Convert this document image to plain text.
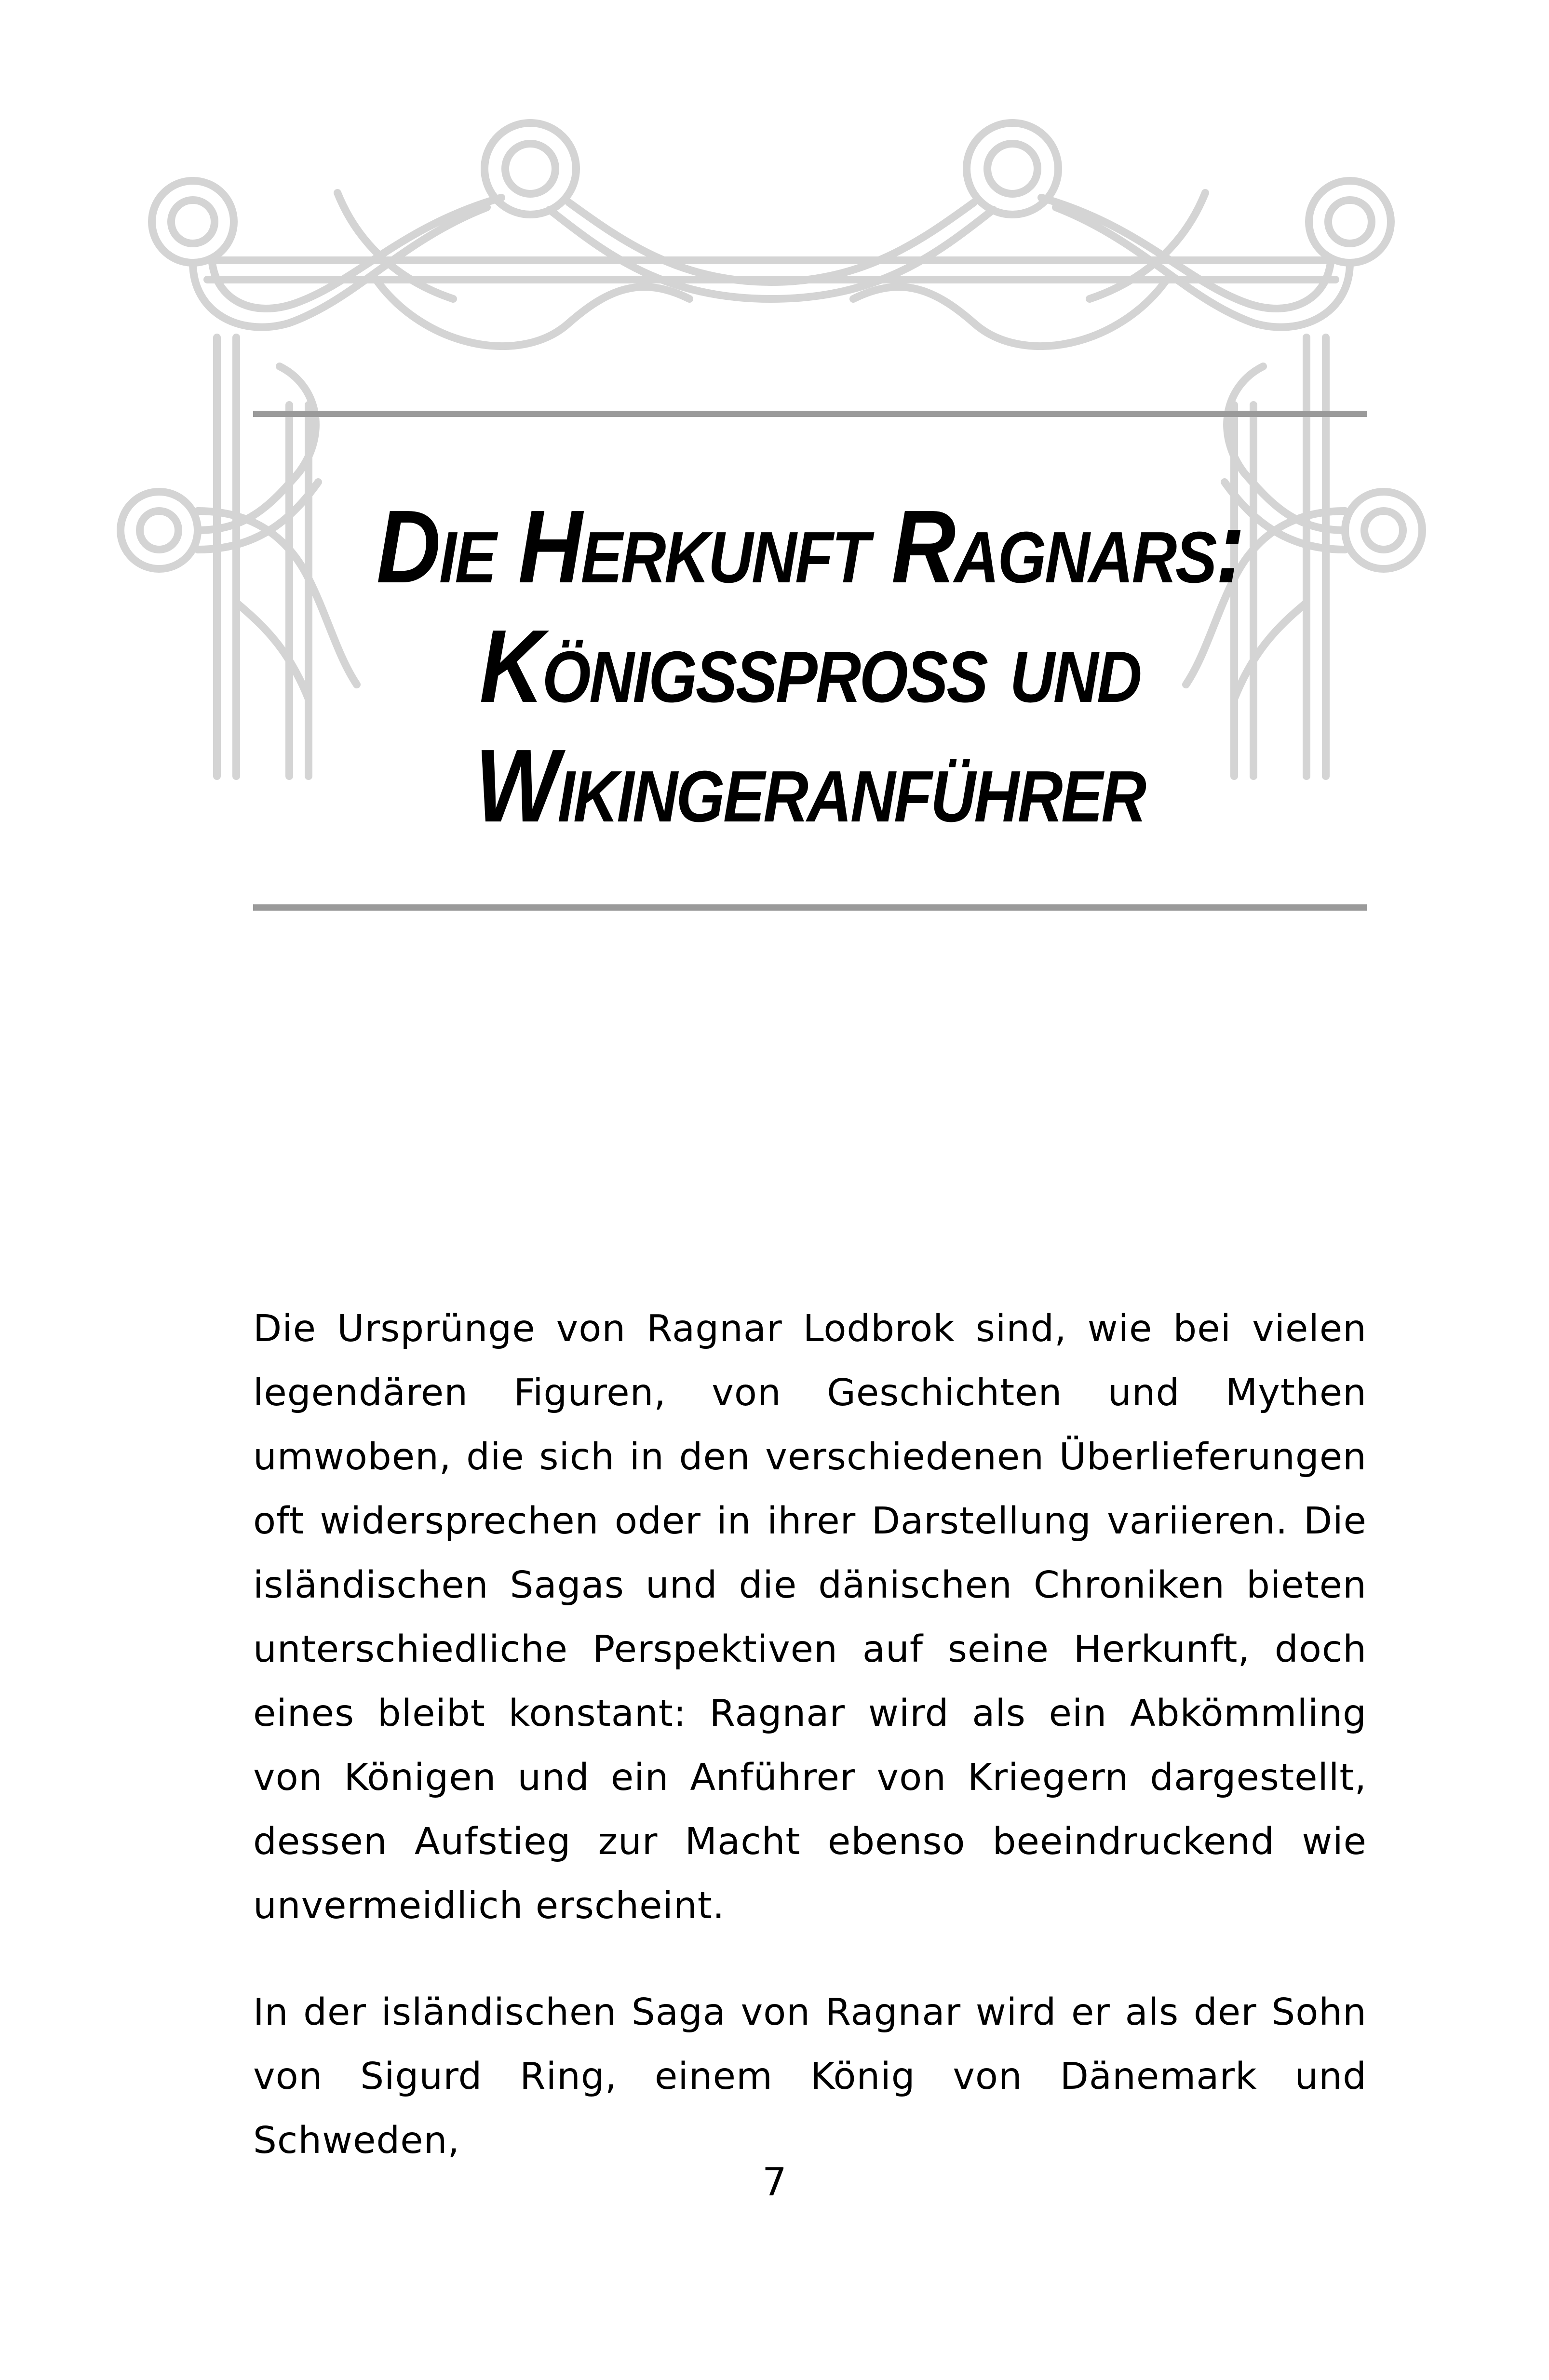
Die Herkunft Ragnars:
Königsspross und
Wikingeranführer

Die Ursprünge von Ragnar Lodbrok sind, wie bei vielen legendären Figuren, von Geschichten und Mythen umwoben, die sich in den verschiedenen Überlieferungen oft widersprechen oder in ihrer Darstellung variieren. Die isländischen Sagas und die dänischen Chroniken bieten unterschiedliche Perspektiven auf seine Herkunft, doch eines bleibt konstant: Ragnar wird als ein Abkömmling von Königen und ein Anführer von Kriegern dargestellt, dessen Aufstieg zur Macht ebenso beeindruckend wie unvermeidlich erscheint.

In der isländischen Saga von Ragnar wird er als der Sohn von Sigurd Ring, einem König von Dänemark und Schweden,

7
